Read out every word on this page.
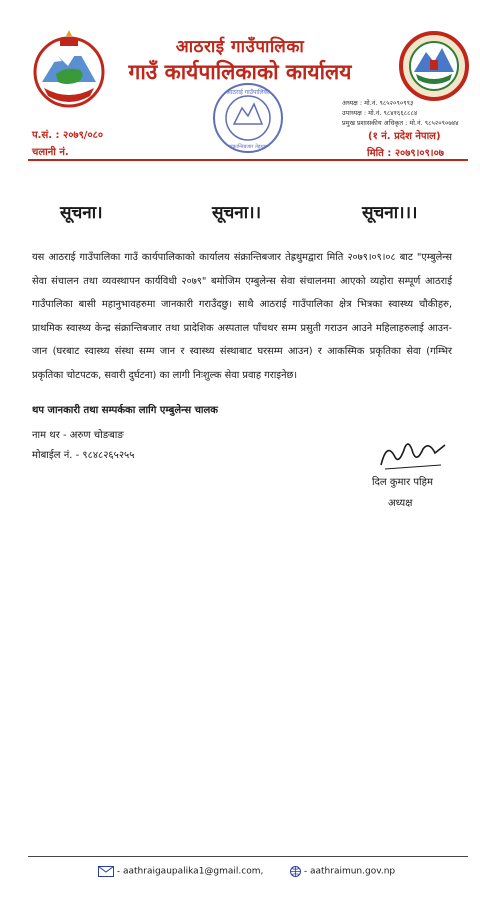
आठराई गाउँपालिका
गाउँ कार्यपालिकाको कार्यालय
अध्यक्ष : मो.नं. ९८५२०९०९९३
उपाध्यक्ष : मो.नं. ९८४१६६८८८४
प्रमुख प्रशासकीय अधिकृत : मो.नं. ९८५२०९०७४४
आठराई गाउँपालिका
संक्रान्तिबजार तेह्रथुम
प.सं. : २०७९/०८०
चलानी नं.
(१ नं. प्रदेश नेपाल)
मिति : २०७९।०९।०७
सूचना।	सूचना।।	सूचना।।।
यस आठराई गाउँपालिका गाउँ कार्यपालिकाको कार्यालय संक्रान्तिबजार तेह्रथुमद्वारा मिति २०७९।०९।०८ बाट "एम्बुलेन्स सेवा संचालन तथा व्यवस्थापन कार्यविधी २०७९" बमोजिम एम्बुलेन्स सेवा संचालनमा आएको व्यहोरा सम्पूर्ण आठराई गाउँपालिका बासी महानुभावहरुमा जानकारी गराउँदछु। साथै आठराई गाउँपालिका क्षेत्र भित्रका स्वास्थ्य चौकीहरु, प्राथमिक स्वास्थ्य केन्द्र संक्रान्तिबजार तथा प्रादेशिक अस्पताल पाँचथर सम्म प्रसुती गराउन आउने महिलाहरुलाई आउन-जान (घरबाट स्वास्थ्य संस्था सम्म जान र स्वास्थ्य संस्थाबाट घरसम्म आउन) र आकस्मिक प्रकृतिका सेवा (गम्भिर प्रकृतिका चोटपटक, सवारी दुर्घटना) का लागी निःशुल्क सेवा प्रवाह गराइनेछ।
थप जानकारी तथा सम्पर्कका लागि एम्बुलेन्स चालक
नाम थर - अरुण चोङबाङ
मोबाईल नं. - ९८४८२६५२५५
दिल कुमार पहिम
अध्यक्ष
- aathraigaupalika1@gmail.com,	- aathraimun.gov.np
